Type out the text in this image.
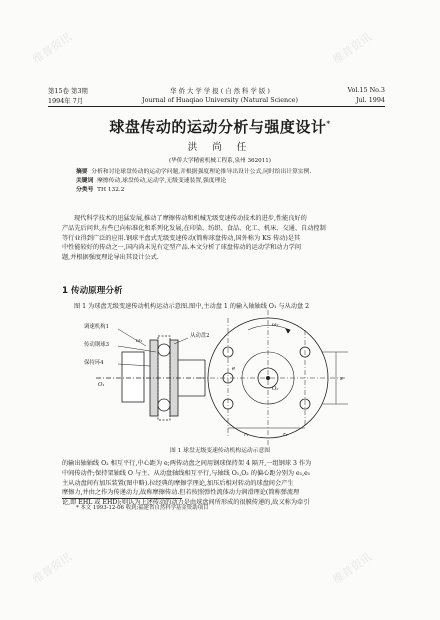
第15卷 第3期	华 侨 大 学 学 报 ( 自 然 科 学 版 )	Vol.15 No.3
1994年 7月	Journal of Huaqiao University (Natural Science)	Jul. 1994
球盘传动的运动分析与强度设计*
洪 尚 任
(华侨大学精密机械工程系,泉州 362011)
摘要 分析和讨论球盘传动的运动学问题,并根据强度理论推导出设计公式,同时给出计算实例.
关键词 摩擦传动,球盘传动,运动学,无级变速装置,强度理论
分类号 TH 132.2
现代科学技术的迅猛发展,推动了摩擦传动和机械无级变速传动技术的进步,性能良好的
产品先后问世,有些已向标准化和系列化发展,在印染、纺织、食品、化工、机床、交通、自动控制
等行业得到广泛的应用.钢球平盘式无级变速传动(简称球盘传动,国外称为 KS 传动)是其
中性能较好的传动之一,国内尚未见有定型产品.本文分析了球盘传动的运动学和动力学问
题,并根据强度理论导出其设计公式.
1 传动原理分析
图 1 为球盘无级变速传动机构运动示意图.图中,主动盘 1 的输入轴轴线 O₁ 与从动盘 2
调速机构1
传动钢球3
保持环4
从动盘2
ω₂
ω₁
s
r₁	r₂
O₁
O₂
e
图 1 球盘无级变速传动机构运动示意图
的输出轴轴线 O₂ 相互平行,中心距为 e;两传动盘之间用钢球保持架 4 隔开,一组钢球 3 作为
中间传动件;保持架轴线 O 与主、从动盘轴线相互平行,与轴线 O₁,O₂ 的偏心距分别为 e₁,e₁
主从动盘间有加压装置(图中略).拉经典的摩擦学理论,加压后相对转动的球盘间会产生
摩擦力,并由之作为传递动力,故称摩擦传动.但若按照弹性流体动力润滑理论(简称弹流理
论,即 EHL 或 EHD);则认为上述传动的动力是由球盘间所形成的很膜传递的,故又称为牵引
* 本文 1993-12-06 收到;福建省自然科学基金资助项目
维普资讯	维普资讯
维普资讯	维普资讯
